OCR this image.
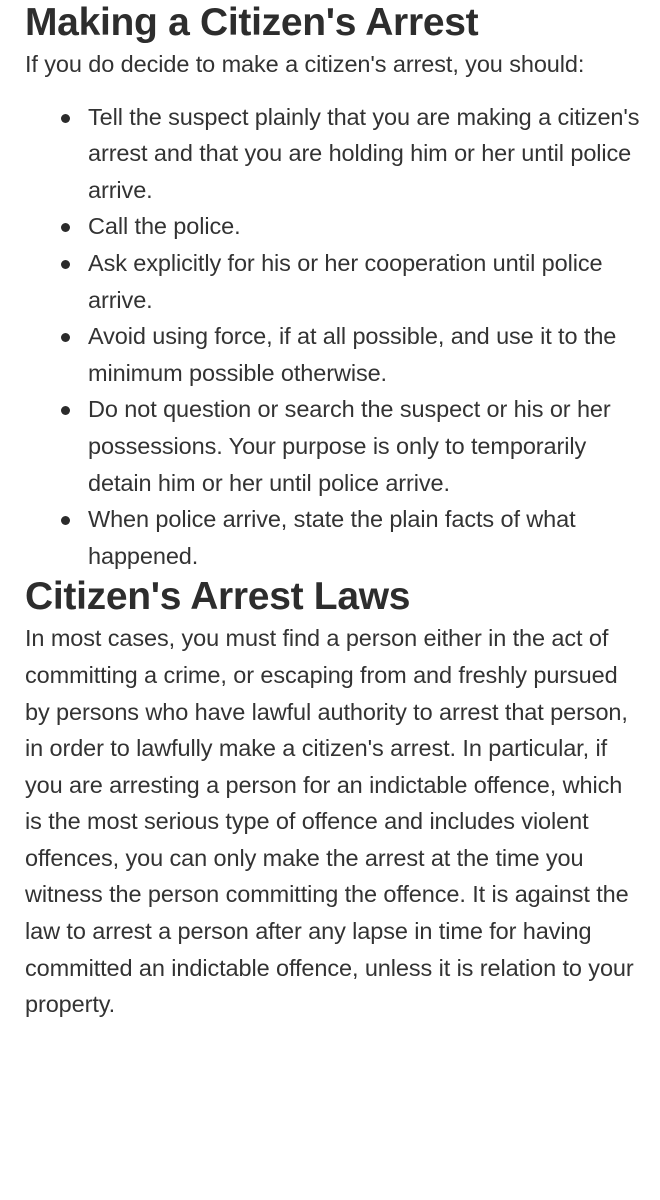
Making a Citizen's Arrest

If you do decide to make a citizen's arrest, you should:

Tell the suspect plainly that you are making a citizen's arrest and that you are holding him or her until police arrive.
Call the police.
Ask explicitly for his or her cooperation until police arrive.
Avoid using force, if at all possible, and use it to the minimum possible otherwise.
Do not question or search the suspect or his or her possessions. Your purpose is only to temporarily detain him or her until police arrive.
When police arrive, state the plain facts of what happened.
Citizen's Arrest Laws

In most cases, you must find a person either in the act of committing a crime, or escaping from and freshly pursued by persons who have lawful authority to arrest that person, in order to lawfully make a citizen's arrest. In particular, if you are arresting a person for an indictable offence, which is the most serious type of offence and includes violent offences, you can only make the arrest at the time you witness the person committing the offence. It is against the law to arrest a person after any lapse in time for having committed an indictable offence, unless it is relation to your property.
